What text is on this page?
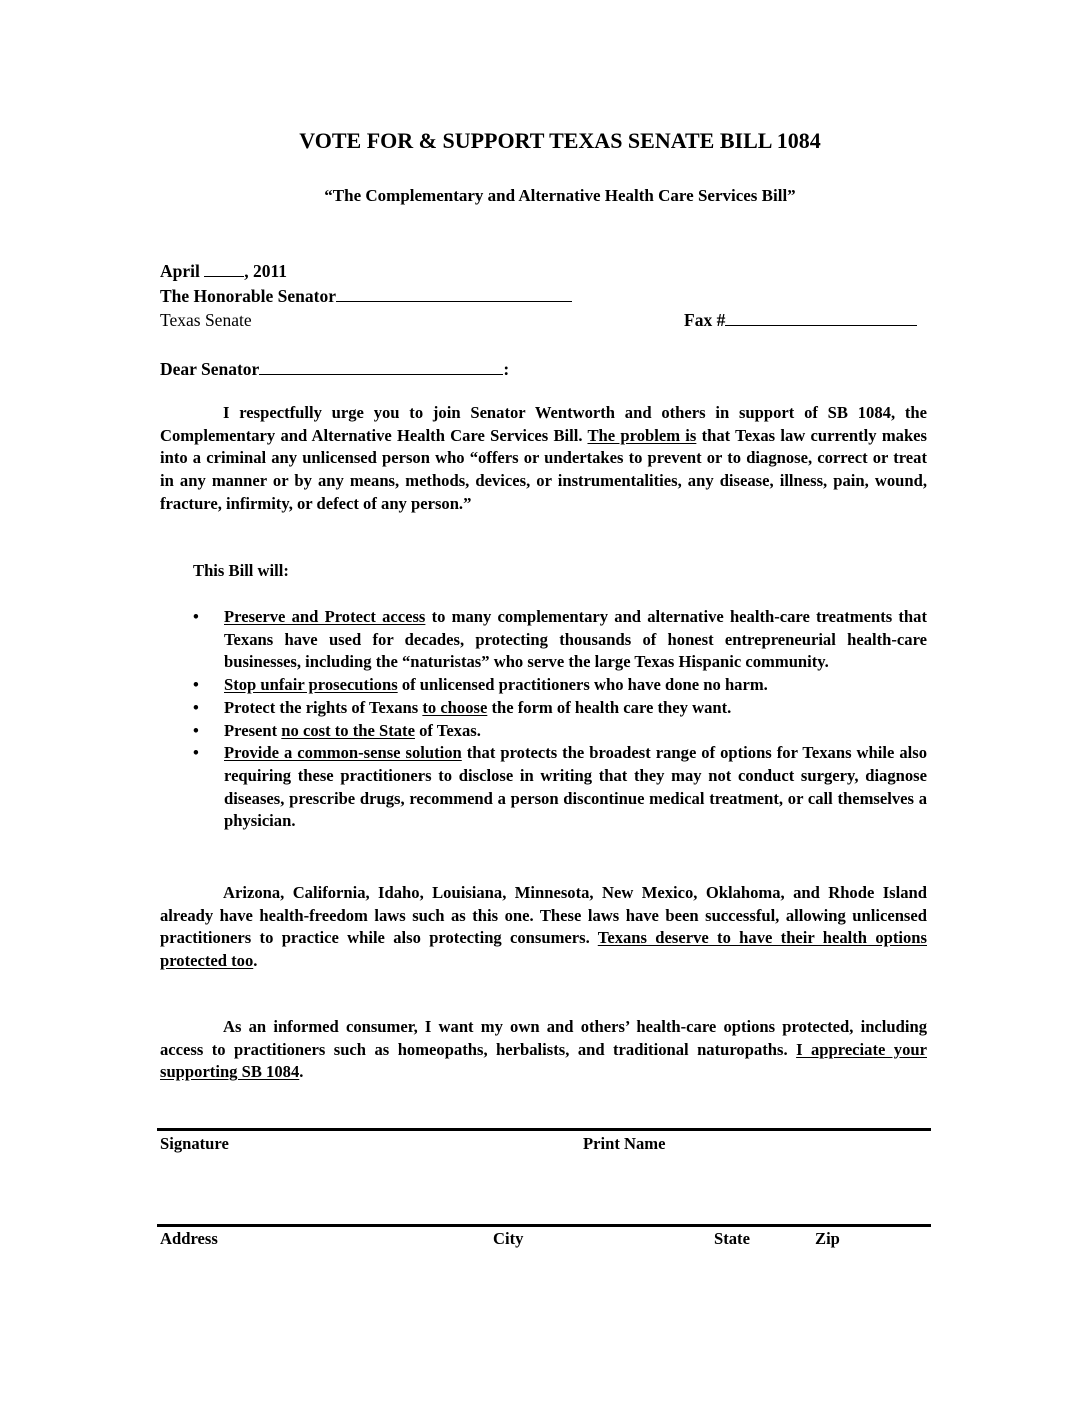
VOTE FOR & SUPPORT TEXAS SENATE BILL 1084
“The Complementary and Alternative Health Care Services Bill”
April , 2011
The Honorable Senator
Texas Senate	Fax #
Dear Senator	:
I respectfully urge you to join Senator Wentworth and others in support of SB 1084, the Complementary and Alternative Health Care Services Bill. The problem is that Texas law currently makes into a criminal any unlicensed person who “offers or undertakes to prevent or to diagnose, correct or treat in any manner or by any means, methods, devices, or instrumentalities, any disease, illness, pain, wound, fracture, infirmity, or defect of any person.”
This Bill will:
• Preserve and Protect access to many complementary and alternative health-care treatments that Texans have used for decades, protecting thousands of honest entrepreneurial health-care businesses, including the “naturistas” who serve the large Texas Hispanic community.
• Stop unfair prosecutions of unlicensed practitioners who have done no harm.
• Protect the rights of Texans to choose the form of health care they want.
• Present no cost to the State of Texas.
• Provide a common-sense solution that protects the broadest range of options for Texans while also requiring these practitioners to disclose in writing that they may not conduct surgery, diagnose diseases, prescribe drugs, recommend a person discontinue medical treatment, or call themselves a physician.
Arizona, California, Idaho, Louisiana, Minnesota, New Mexico, Oklahoma, and Rhode Island already have health-freedom laws such as this one. These laws have been successful, allowing unlicensed practitioners to practice while also protecting consumers. Texans deserve to have their health options protected too.
As an informed consumer, I want my own and others’ health-care options protected, including access to practitioners such as homeopaths, herbalists, and traditional naturopaths. I appreciate your supporting SB 1084.
Signature	Print Name
Address	City	State	Zip
